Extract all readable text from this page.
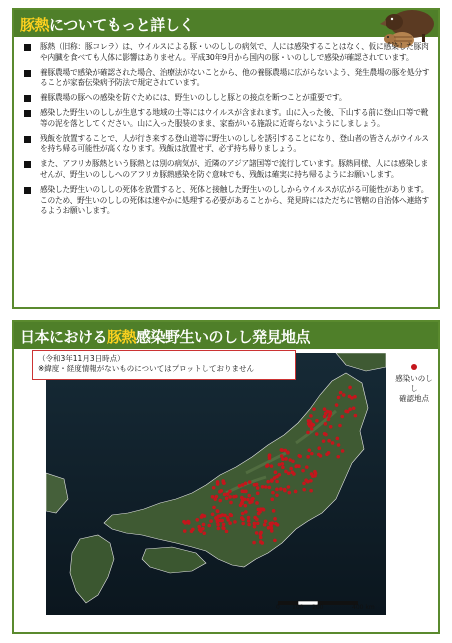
豚熱についてもっと詳しく
豚熱（旧称：豚コレラ）は、ウイルスによる豚・いのししの病気で、人には感染することはなく、仮に感染した豚肉や内臓を食べても人体に影響はありません。平成30年9月から国内の豚・いのししで感染が確認されています。
養豚農場で感染が確認された場合、治療法がないことから、他の養豚農場に広がらないよう、発生農場の豚を処分することが家畜伝染病予防法で規定されています。
養豚農場の豚への感染を防ぐためには、野生いのししと豚との接点を断つことが重要です。
感染した野生いのししが生息する地域の土等にはウイルスが含まれます。山に入った後、下山する前に登山口等で靴等の泥を落としてください。山に入った服装のまま、家畜がいる施設に近寄らないようにしましょう。
残飯を放置することで、人が行き来する登山道等に野生いのししを誘引することになり、登山者の皆さんがウイルスを持ち帰る可能性が高くなります。残飯は放置せず、必ず持ち帰りましょう。
また、アフリカ豚熱という豚熱とは別の病気が、近隣のアジア諸国等で流行しています。豚熱同様、人には感染しませんが、野生いのししへのアフリカ豚熱感染を防ぐ意味でも、残飯は確実に持ち帰るようにお願いします。
感染した野生いのししの死体を放置すると、死体と接触した野生いのししからウイルスが広がる可能性があります。このため、野生いのししの死体は速やかに処理する必要があることから、発見時にはただちに管轄の自治体へ連絡するようお願いします。
日本における豚熱感染野生いのしし発見地点
（令和3年11月3日時点）
※緯度・経度情報がないものについてはプロットしておりません
感染いのしし
確認地点
0 100 200	400 km
